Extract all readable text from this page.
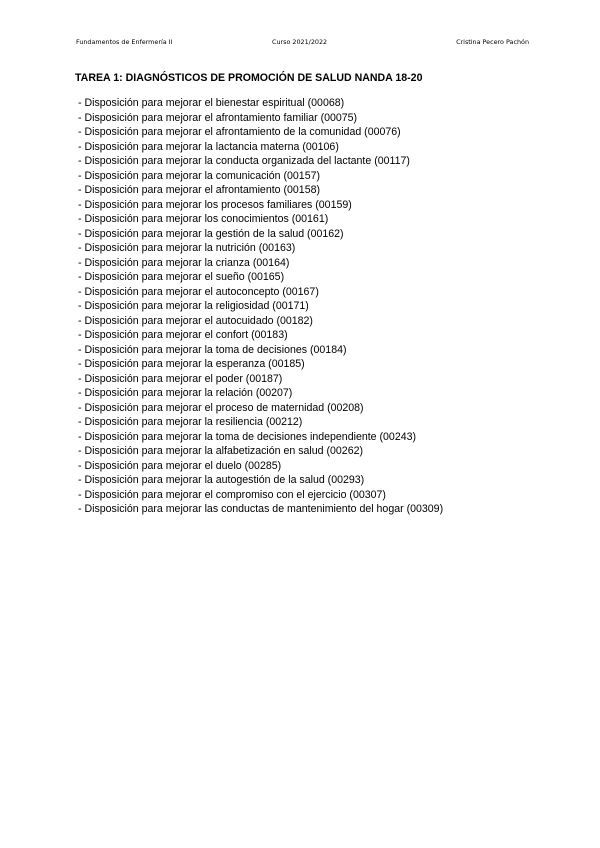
Fundamentos de Enfermería II	Curso 2021/2022	Cristina Pecero Pachón
TAREA 1: DIAGNÓSTICOS DE PROMOCIÓN DE SALUD NANDA 18-20
- Disposición para mejorar el bienestar espiritual (00068)
- Disposición para mejorar el afrontamiento familiar (00075)
- Disposición para mejorar el afrontamiento de la comunidad (00076)
- Disposición para mejorar la lactancia materna (00106)
- Disposición para mejorar la conducta organizada del lactante (00117)
- Disposición para mejorar la comunicación (00157)
- Disposición para mejorar el afrontamiento (00158)
- Disposición para mejorar los procesos familiares (00159)
- Disposición para mejorar los conocimientos (00161)
- Disposición para mejorar la gestión de la salud (00162)
- Disposición para mejorar la nutrición (00163)
- Disposición para mejorar la crianza (00164)
- Disposición para mejorar el sueño (00165)
- Disposición para mejorar el autoconcepto (00167)
- Disposición para mejorar la religiosidad (00171)
- Disposición para mejorar el autocuidado (00182)
- Disposición para mejorar el confort (00183)
- Disposición para mejorar la toma de decisiones (00184)
- Disposición para mejorar la esperanza (00185)
- Disposición para mejorar el poder (00187)
- Disposición para mejorar la relación (00207)
- Disposición para mejorar el proceso de maternidad (00208)
- Disposición para mejorar la resiliencia (00212)
- Disposición para mejorar la toma de decisiones independiente (00243)
- Disposición para mejorar la alfabetización en salud (00262)
- Disposición para mejorar el duelo (00285)
- Disposición para mejorar la autogestión de la salud (00293)
- Disposición para mejorar el compromiso con el ejercicio (00307)
- Disposición para mejorar las conductas de mantenimiento del hogar (00309)
